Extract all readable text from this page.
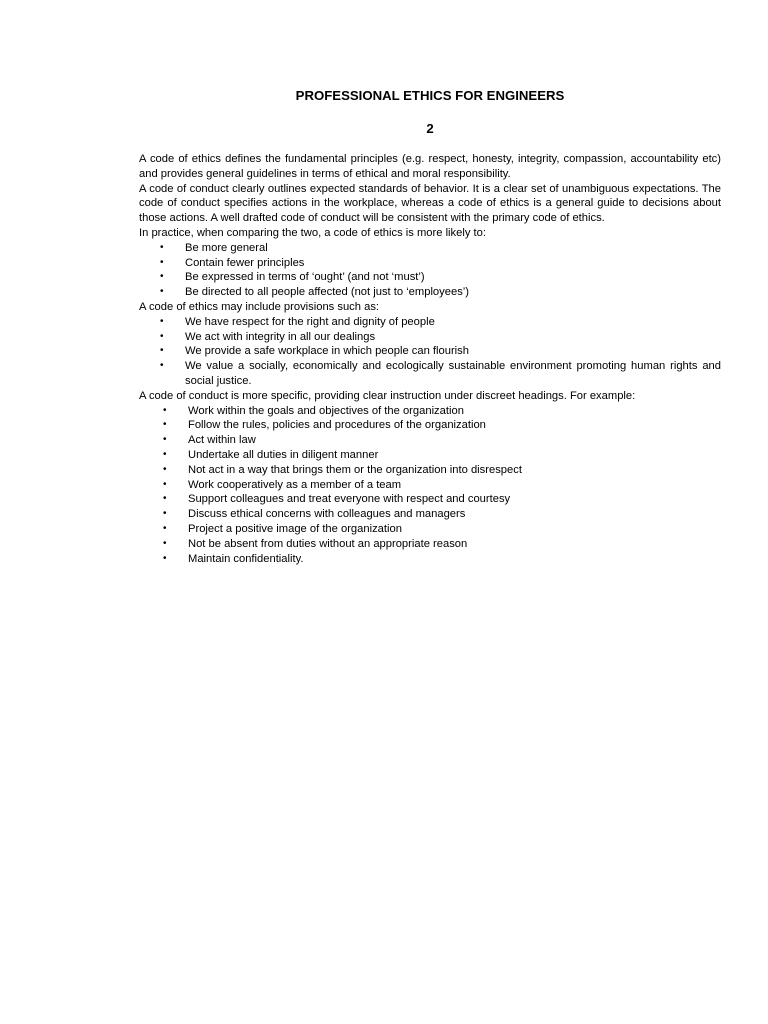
PROFESSIONAL ETHICS FOR ENGINEERS
2

A code of ethics defines the fundamental principles (e.g. respect, honesty, integrity, compassion, accountability etc) and provides general guidelines in terms of ethical and moral responsibility.

A code of conduct clearly outlines expected standards of behavior. It is a clear set of unambiguous expectations. The code of conduct specifies actions in the workplace, whereas a code of ethics is a general guide to decisions about those actions. A well drafted code of conduct will be consistent with the primary code of ethics.

In practice, when comparing the two, a code of ethics is more likely to:

• Be more general
• Contain fewer principles
• Be expressed in terms of ‘ought’ (and not ‘must’)
• Be directed to all people affected (not just to ‘employees’)

A code of ethics may include provisions such as:

• We have respect for the right and dignity of people
• We act with integrity in all our dealings
• We provide a safe workplace in which people can flourish
• We value a socially, economically and ecologically sustainable environment promoting human rights and social justice.

A code of conduct is more specific, providing clear instruction under discreet headings. For example:

• Work within the goals and objectives of the organization
• Follow the rules, policies and procedures of the organization
• Act within law
• Undertake all duties in diligent manner
• Not act in a way that brings them or the organization into disrespect
• Work cooperatively as a member of a team
• Support colleagues and treat everyone with respect and courtesy
• Discuss ethical concerns with colleagues and managers
• Project a positive image of the organization
• Not be absent from duties without an appropriate reason
• Maintain confidentiality.
